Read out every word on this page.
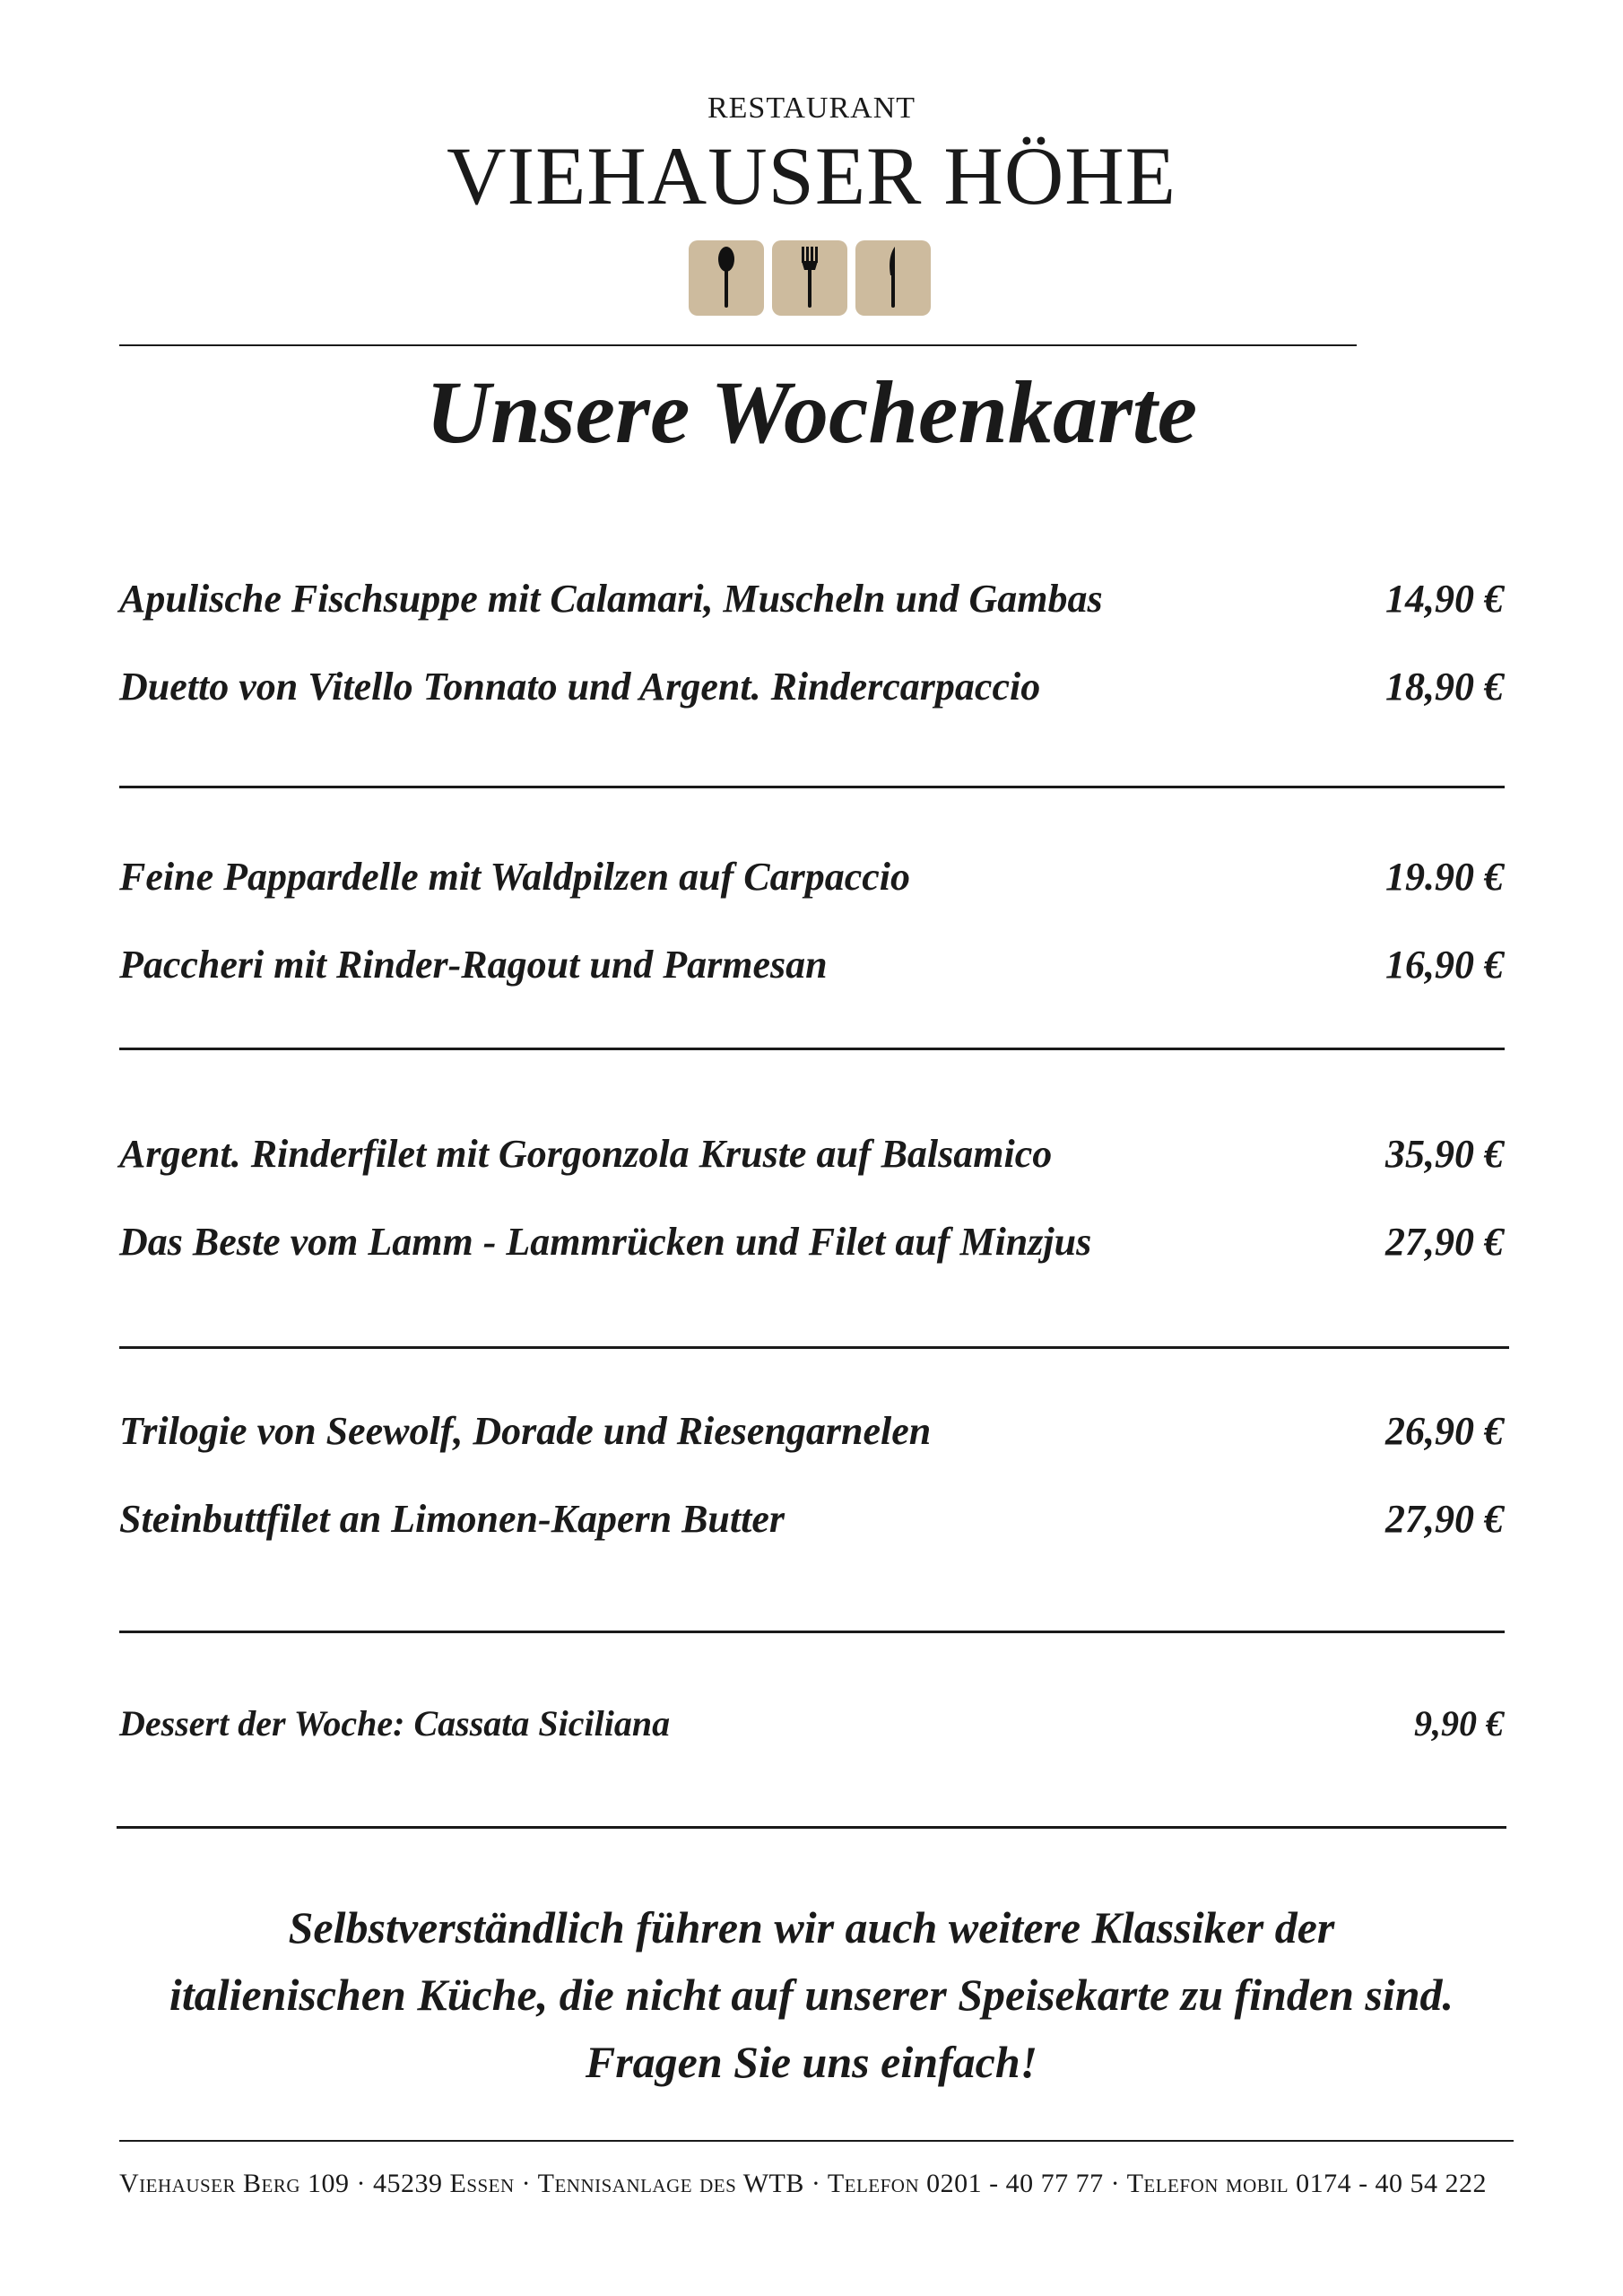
RESTAURANT
VIEHAUSER HÖHE
Unsere Wochenkarte
Apulische Fischsuppe mit Calamari, Muscheln und Gambas	14,90 €
Duetto von Vitello Tonnato und Argent. Rindercarpaccio	18,90 €
Feine Pappardelle mit Waldpilzen auf Carpaccio	19.90 €
Paccheri mit Rinder-Ragout und Parmesan	16,90 €
Argent. Rinderfilet mit Gorgonzola Kruste auf Balsamico	35,90 €
Das Beste vom Lamm - Lammrücken und Filet auf Minzjus	27,90 €
Trilogie von Seewolf, Dorade und Riesengarnelen	26,90 €
Steinbuttfilet an Limonen-Kapern Butter	27,90 €
Dessert der Woche: Cassata Siciliana	9,90 €
Selbstverständlich führen wir auch weitere Klassiker der
italienischen Küche, die nicht auf unserer Speisekarte zu finden sind.
Fragen Sie uns einfach!
Viehauser Berg 109 · 45239 Essen · Tennisanlage des WTB · Telefon 0201 - 40 77 77 · Telefon mobil 0174 - 40 54 222
